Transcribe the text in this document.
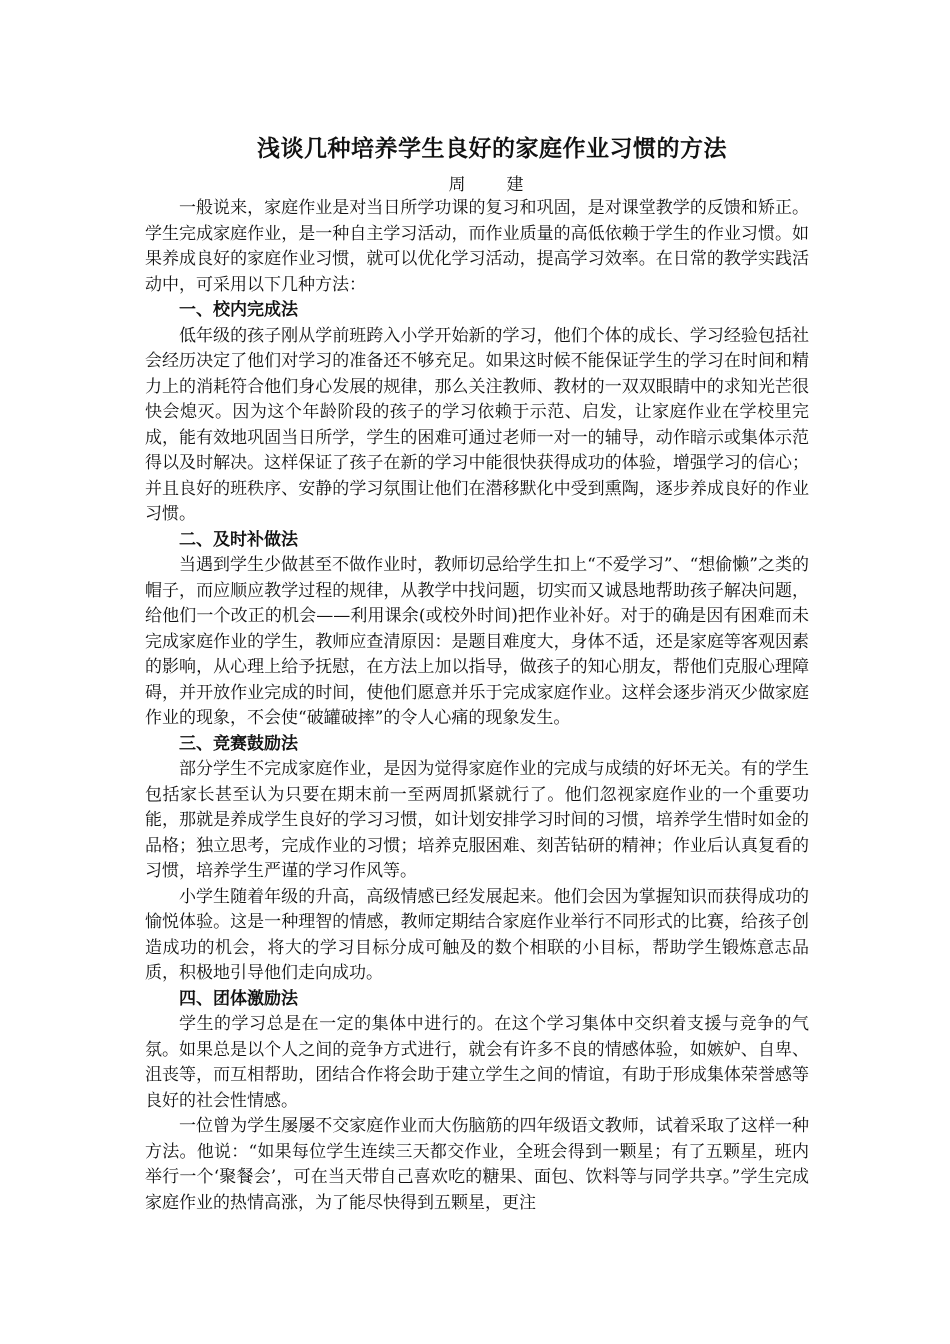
浅谈几种培养学生良好的家庭作业习惯的方法
周　建

一般说来，家庭作业是对当日所学功课的复习和巩固，是对课堂教学的反馈和矫正。学生完成家庭作业，是一种自主学习活动，而作业质量的高低依赖于学生的作业习惯。如果养成良好的家庭作业习惯，就可以优化学习活动，提高学习效率。在日常的教学实践活动中，可采用以下几种方法：

一、校内完成法

低年级的孩子刚从学前班跨入小学开始新的学习，他们个体的成长、学习经验包括社会经历决定了他们对学习的准备还不够充足。如果这时候不能保证学生的学习在时间和精力上的消耗符合他们身心发展的规律，那么关注教师、教材的一双双眼睛中的求知光芒很快会熄灭。因为这个年龄阶段的孩子的学习依赖于示范、启发，让家庭作业在学校里完成，能有效地巩固当日所学，学生的困难可通过老师一对一的辅导，动作暗示或集体示范得以及时解决。这样保证了孩子在新的学习中能很快获得成功的体验，增强学习的信心；并且良好的班秩序、安静的学习氛围让他们在潜移默化中受到熏陶，逐步养成良好的作业习惯。

二、及时补做法

当遇到学生少做甚至不做作业时，教师切忌给学生扣上“不爱学习”、“想偷懒”之类的帽子，而应顺应教学过程的规律，从教学中找问题，切实而又诚恳地帮助孩子解决问题，给他们一个改正的机会——利用课余(或校外时间)把作业补好。对于的确是因有困难而未完成家庭作业的学生，教师应查清原因：是题目难度大，身体不适，还是家庭等客观因素的影响，从心理上给予抚慰，在方法上加以指导，做孩子的知心朋友，帮他们克服心理障碍，并开放作业完成的时间，使他们愿意并乐于完成家庭作业。这样会逐步消灭少做家庭作业的现象，不会使“破罐破摔”的令人心痛的现象发生。

三、竞赛鼓励法

部分学生不完成家庭作业，是因为觉得家庭作业的完成与成绩的好坏无关。有的学生包括家长甚至认为只要在期末前一至两周抓紧就行了。他们忽视家庭作业的一个重要功能，那就是养成学生良好的学习习惯，如计划安排学习时间的习惯，培养学生惜时如金的品格；独立思考，完成作业的习惯；培养克服困难、刻苦钻研的精神；作业后认真复看的习惯，培养学生严谨的学习作风等。

小学生随着年级的升高，高级情感已经发展起来。他们会因为掌握知识而获得成功的愉悦体验。这是一种理智的情感，教师定期结合家庭作业举行不同形式的比赛，给孩子创造成功的机会，将大的学习目标分成可触及的数个相联的小目标，帮助学生锻炼意志品质，积极地引导他们走向成功。

四、团体激励法

学生的学习总是在一定的集体中进行的。在这个学习集体中交织着支援与竞争的气氛。如果总是以个人之间的竞争方式进行，就会有许多不良的情感体验，如嫉妒、自卑、沮丧等，而互相帮助，团结合作将会助于建立学生之间的情谊，有助于形成集体荣誉感等良好的社会性情感。

一位曾为学生屡屡不交家庭作业而大伤脑筋的四年级语文教师，试着采取了这样一种方法。他说：“如果每位学生连续三天都交作业，全班会得到一颗星；有了五颗星，班内举行一个‘聚餐会’，可在当天带自己喜欢吃的糖果、面包、饮料等与同学共享。”学生完成家庭作业的热情高涨，为了能尽快得到五颗星，更注
